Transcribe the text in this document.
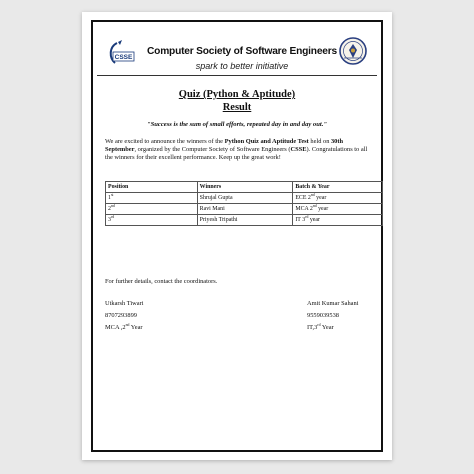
CSSE
Computer Society of Software Engineers
spark to better initiative
Quiz (Python & Aptitude)
Result
"Success is the sum of small efforts, repeated day in and day out."
We are excited to announce the winners of the Python Quiz and Aptitude Test held on 30th September, organized by the Computer Society of Software Engineers (CSSE). Congratulations to all the winners for their excellent performance. Keep up the great work!
Position	Winners	Batch & Year
1st	Shrujal Gupta	ECE 2nd year
2nd	Ravi Mani	MCA 2nd year
3rd	Priyesh Tripathi	IT 3rd year
For further details, contact the coordinators.
Utkarsh Tiwari
8707293899
MCA ,2nd Year
Amit Kumar Sahani
9559039538
IT,3rd Year
